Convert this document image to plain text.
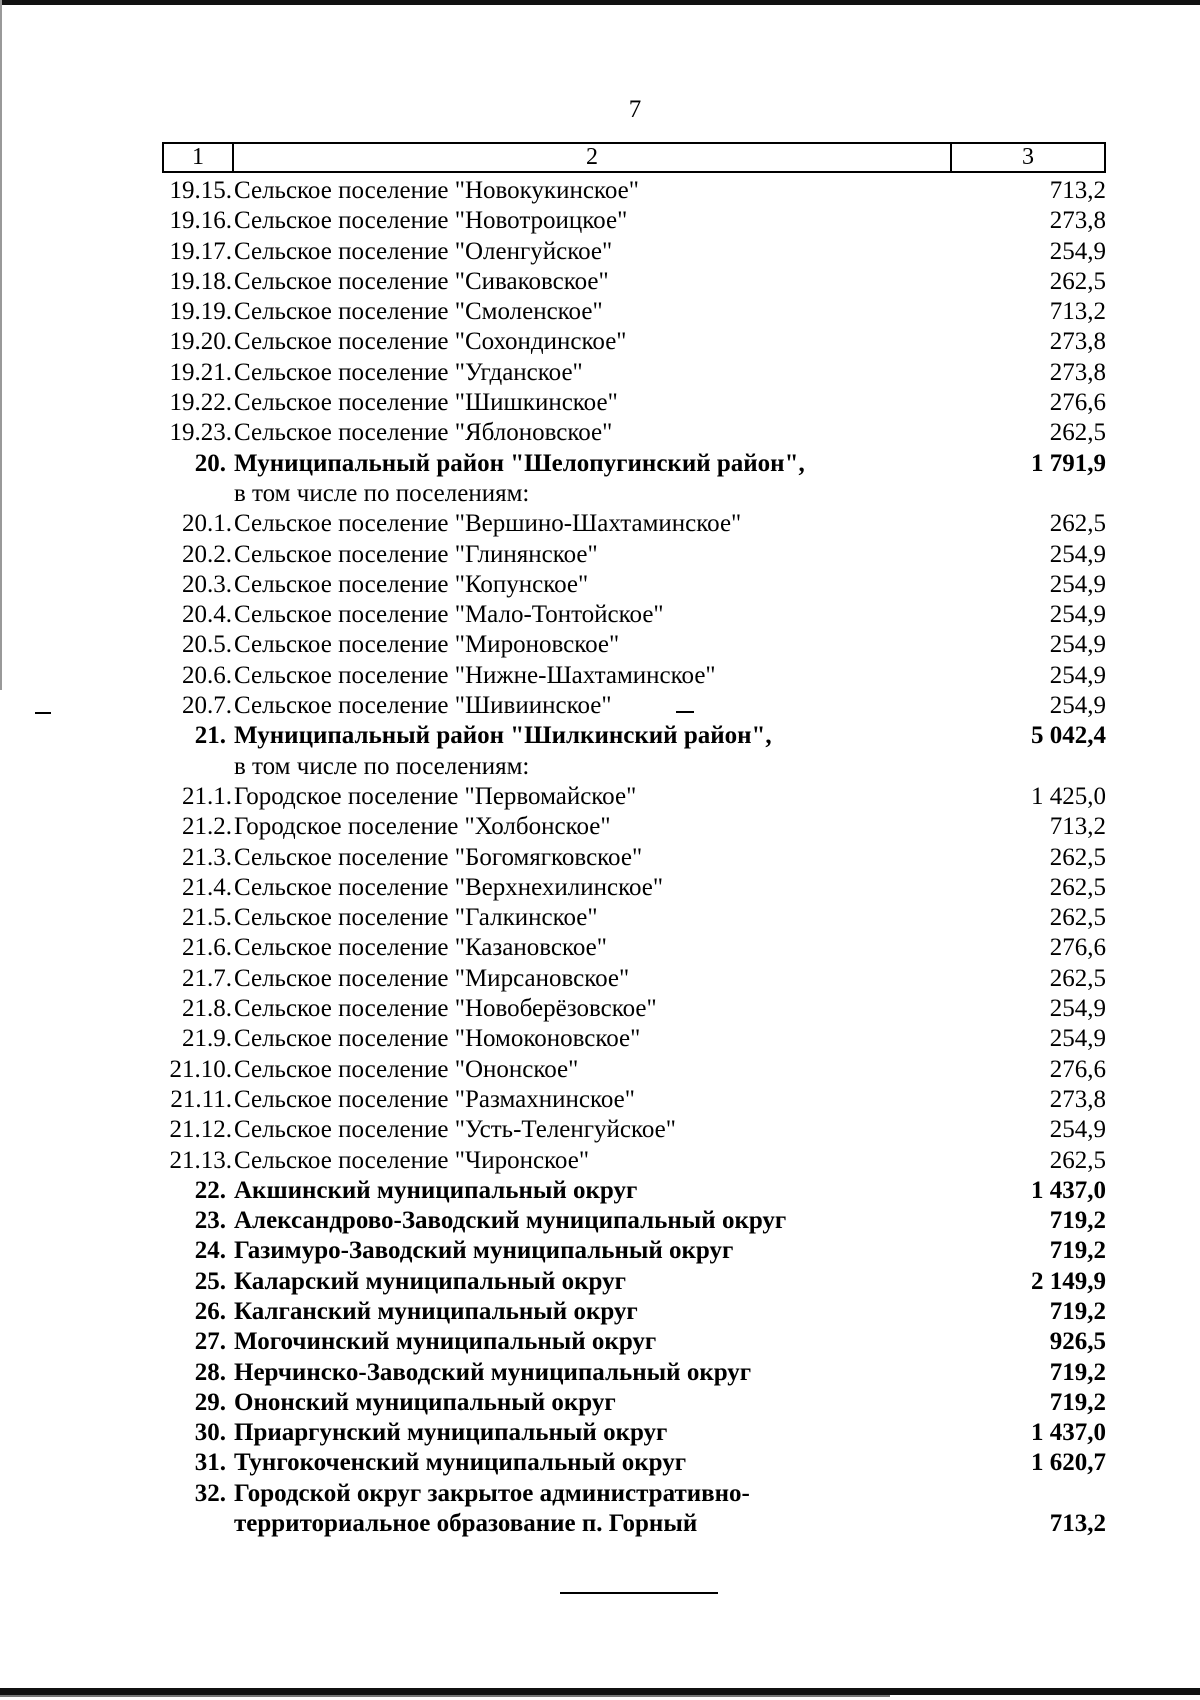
7
1	2	3
19.15. Сельское поселение "Новокукинское"	713,2
19.16. Сельское поселение "Новотроицкое"	273,8
19.17. Сельское поселение "Оленгуйское"	254,9
19.18. Сельское поселение "Сиваковское"	262,5
19.19. Сельское поселение "Смоленское"	713,2
19.20. Сельское поселение "Сохондинское"	273,8
19.21. Сельское поселение "Угданское"	273,8
19.22. Сельское поселение "Шишкинское"	276,6
19.23. Сельское поселение "Яблоновское"	262,5
20. Муниципальный район "Шелопугинский район",	1 791,9
в том числе по поселениям:
20.1. Сельское поселение "Вершино-Шахтаминское"	262,5
20.2. Сельское поселение "Глинянское"	254,9
20.3. Сельское поселение "Копунское"	254,9
20.4. Сельское поселение "Мало-Тонтойское"	254,9
20.5. Сельское поселение "Мироновское"	254,9
20.6. Сельское поселение "Нижне-Шахтаминское"	254,9
20.7. Сельское поселение "Шивиинское"	254,9
21. Муниципальный район "Шилкинский район",	5 042,4
в том числе по поселениям:
21.1. Городское поселение "Первомайское"	1 425,0
21.2. Городское поселение "Холбонское"	713,2
21.3. Сельское поселение "Богомягковское"	262,5
21.4. Сельское поселение "Верхнехилинское"	262,5
21.5. Сельское поселение "Галкинское"	262,5
21.6. Сельское поселение "Казановское"	276,6
21.7. Сельское поселение "Мирсановское"	262,5
21.8. Сельское поселение "Новоберёзовское"	254,9
21.9. Сельское поселение "Номоконовское"	254,9
21.10. Сельское поселение "Ононское"	276,6
21.11. Сельское поселение "Размахнинское"	273,8
21.12. Сельское поселение "Усть-Теленгуйское"	254,9
21.13. Сельское поселение "Чиронское"	262,5
22. Акшинский муниципальный округ	1 437,0
23. Александрово-Заводский муниципальный округ	719,2
24. Газимуро-Заводский муниципальный округ	719,2
25. Каларский муниципальный округ	2 149,9
26. Калганский муниципальный округ	719,2
27. Могочинский муниципальный округ	926,5
28. Нерчинско-Заводский муниципальный округ	719,2
29. Ононский муниципальный округ	719,2
30. Приаргунский муниципальный округ	1 437,0
31. Тунгокоченский муниципальный округ	1 620,7
32. Городской округ закрытое административно-
территориальное образование п. Горный	713,2
